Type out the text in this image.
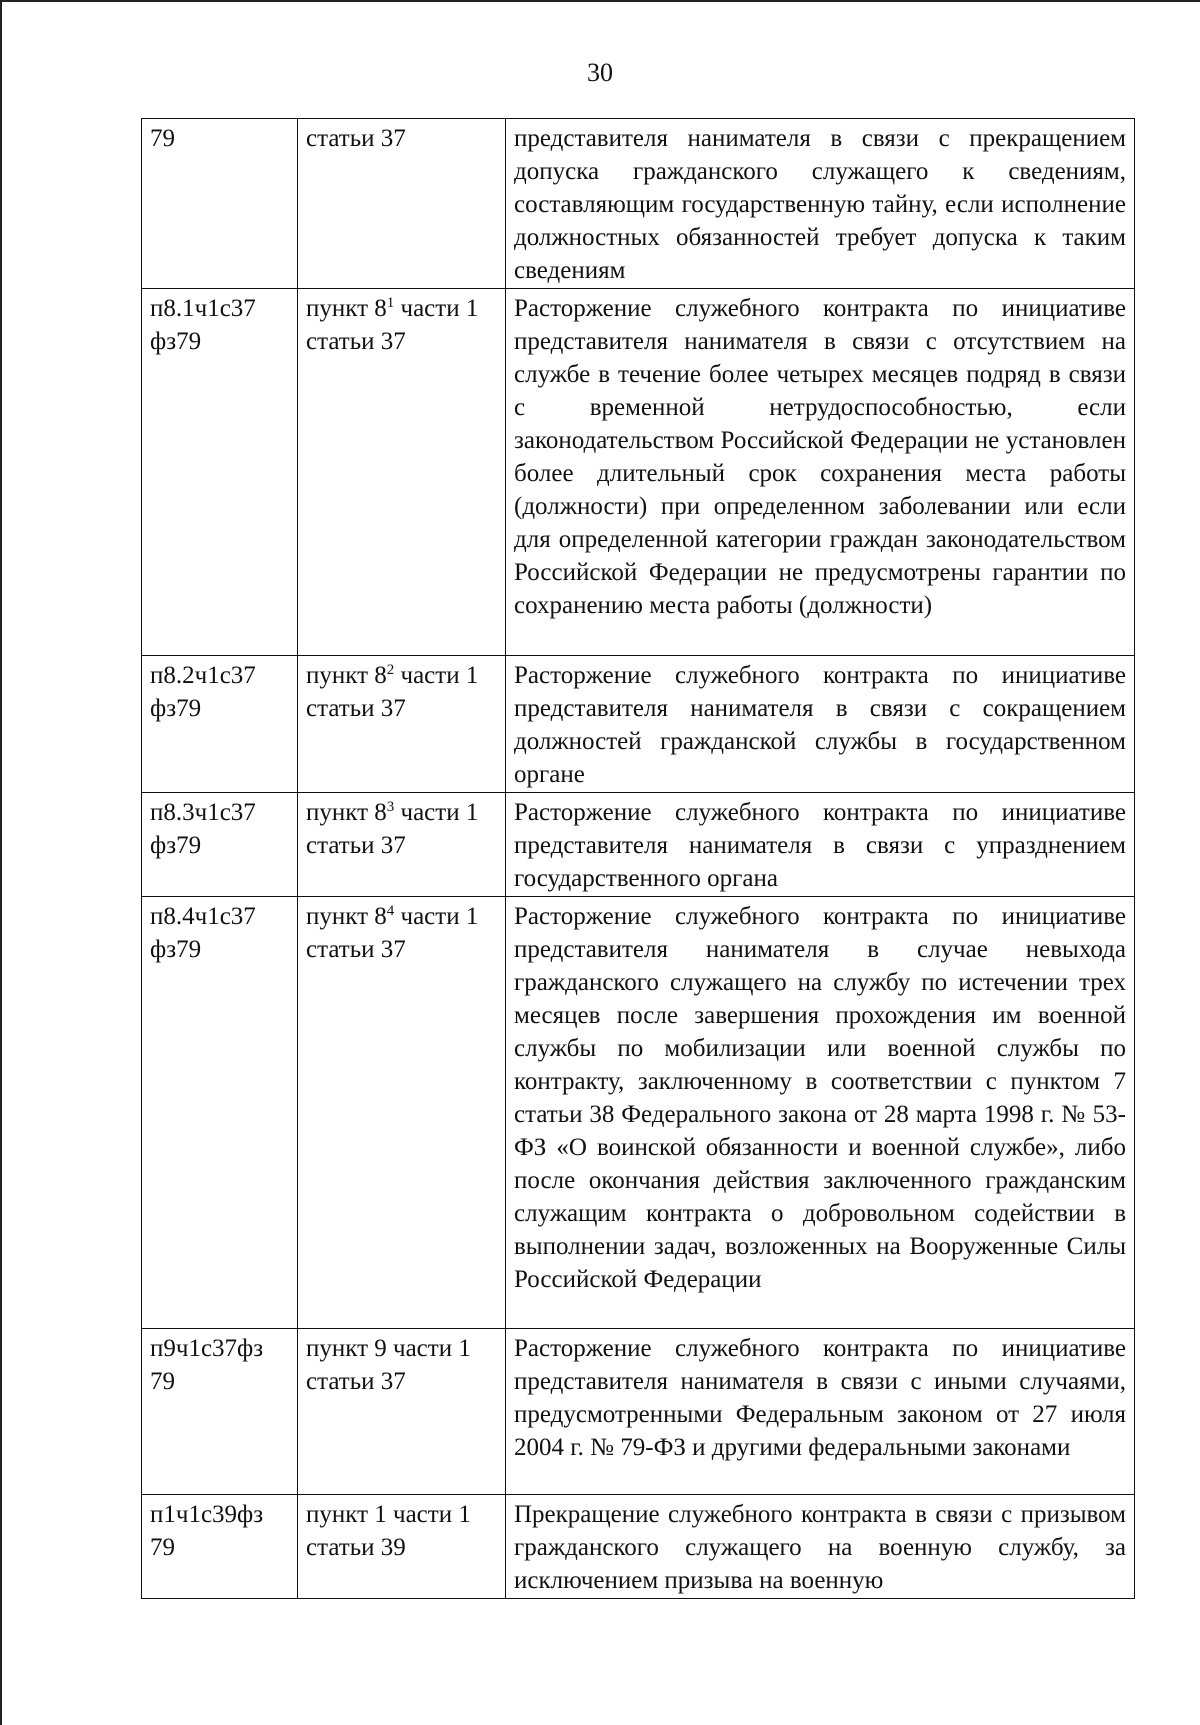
30
79	статьи 37	представителя нанимателя в связи с прекращением допуска гражданского служащего к сведениям, составляющим государственную тайну, если исполнение должностных обязанностей требует допуска к таким сведениям
п8.1ч1с37 фз79	пункт $8^1$ части 1 статьи 37	Расторжение служебного контракта по инициативе представителя нанимателя в связи с отсутствием на службе в течение более четырех месяцев подряд в связи с временной нетрудоспособностью, если законодательством Российской Федерации не установлен более длительный срок сохранения места работы (должности) при определенном заболевании или если для определенной категории граждан законодательством Российской Федерации не предусмотрены гарантии по сохранению места работы (должности)
п8.2ч1с37 фз79	пункт $8^2$ части 1 статьи 37	Расторжение служебного контракта по инициативе представителя нанимателя в связи с сокращением должностей гражданской службы в государственном органе
п8.3ч1с37 фз79	пункт $8^3$ части 1 статьи 37	Расторжение служебного контракта по инициативе представителя нанимателя в связи с упразднением государственного органа
п8.4ч1с37 фз79	пункт $8^4$ части 1 статьи 37	Расторжение служебного контракта по инициативе представителя нанимателя в случае невыхода гражданского служащего на службу по истечении трех месяцев после завершения прохождения им военной службы по мобилизации или военной службы по контракту, заключенному в соответствии с пунктом 7 статьи 38 Федерального закона от 28 марта 1998 г. № 53-ФЗ «О воинской обязанности и военной службе», либо после окончания действия заключенного гражданским служащим контракта о добровольном содействии в выполнении задач, возложенных на Вооруженные Силы Российской Федерации
п9ч1с37фз 79	пункт 9 части 1 статьи 37	Расторжение служебного контракта по инициативе представителя нанимателя в связи с иными случаями, предусмотренными Федеральным законом от 27 июля 2004 г. № 79-ФЗ и другими федеральными законами
п1ч1с39фз 79	пункт 1 части 1 статьи 39	Прекращение служебного контракта в связи с призывом гражданского служащего на военную службу, за исключением призыва на военную
